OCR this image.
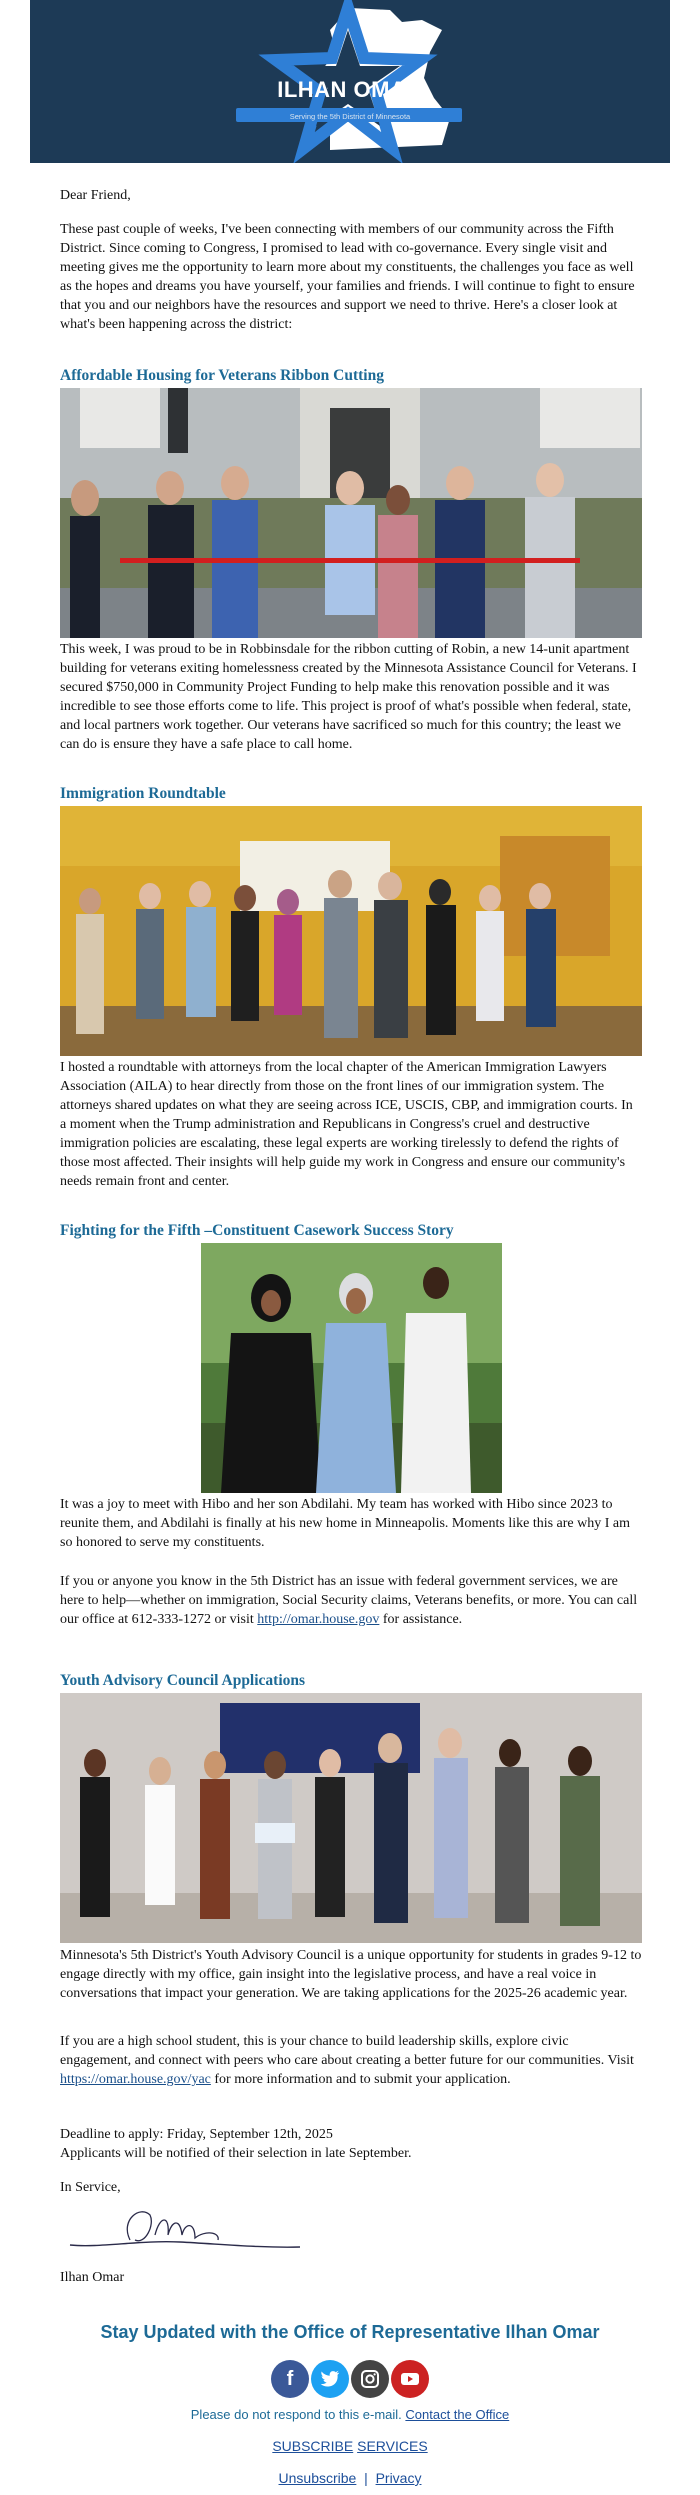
ILHAN OMAR
Serving the 5th District of Minnesota

Dear Friend,

These past couple of weeks, I've been connecting with members of our community across the Fifth District. Since coming to Congress, I promised to lead with co-governance. Every single visit and meeting gives me the opportunity to learn more about my constituents, the challenges you face as well as the hopes and dreams you have yourself, your families and friends. I will continue to fight to ensure that you and our neighbors have the resources and support we need to thrive. Here's a closer look at what's been happening across the district:

Affordable Housing for Veterans Ribbon Cutting

This week, I was proud to be in Robbinsdale for the ribbon cutting of Robin, a new 14-unit apartment building for veterans exiting homelessness created by the Minnesota Assistance Council for Veterans. I secured $750,000 in Community Project Funding to help make this renovation possible and it was incredible to see those efforts come to life. This project is proof of what's possible when federal, state, and local partners work together. Our veterans have sacrificed so much for this country; the least we can do is ensure they have a safe place to call home.

Immigration Roundtable

I hosted a roundtable with attorneys from the local chapter of the American Immigration Lawyers Association (AILA) to hear directly from those on the front lines of our immigration system. The attorneys shared updates on what they are seeing across ICE, USCIS, CBP, and immigration courts. In a moment when the Trump administration and Republicans in Congress's cruel and destructive immigration policies are escalating, these legal experts are working tirelessly to defend the rights of those most affected. Their insights will help guide my work in Congress and ensure our community's needs remain front and center.

Fighting for the Fifth –Constituent Casework Success Story

It was a joy to meet with Hibo and her son Abdilahi. My team has worked with Hibo since 2023 to reunite them, and Abdilahi is finally at his new home in Minneapolis. Moments like this are why I am so honored to serve my constituents.

If you or anyone you know in the 5th District has an issue with federal government services, we are here to help—whether on immigration, Social Security claims, Veterans benefits, or more. You can call our office at 612-333-1272 or visit http://omar.house.gov for assistance.

Youth Advisory Council Applications

Minnesota's 5th District's Youth Advisory Council is a unique opportunity for students in grades 9-12 to engage directly with my office, gain insight into the legislative process, and have a real voice in conversations that impact your generation. We are taking applications for the 2025-26 academic year.

If you are a high school student, this is your chance to build leadership skills, explore civic engagement, and connect with peers who care about creating a better future for our communities. Visit https://omar.house.gov/yac for more information and to submit your application.

Deadline to apply: Friday, September 12th, 2025

Applicants will be notified of their selection in late September.

In Service,

Ilhan Omar

Stay Updated with the Office of Representative Ilhan Omar
f
Please do not respond to this e-mail. Contact the Office
SUBSCRIBE SERVICES
Unsubscribe | Privacy
